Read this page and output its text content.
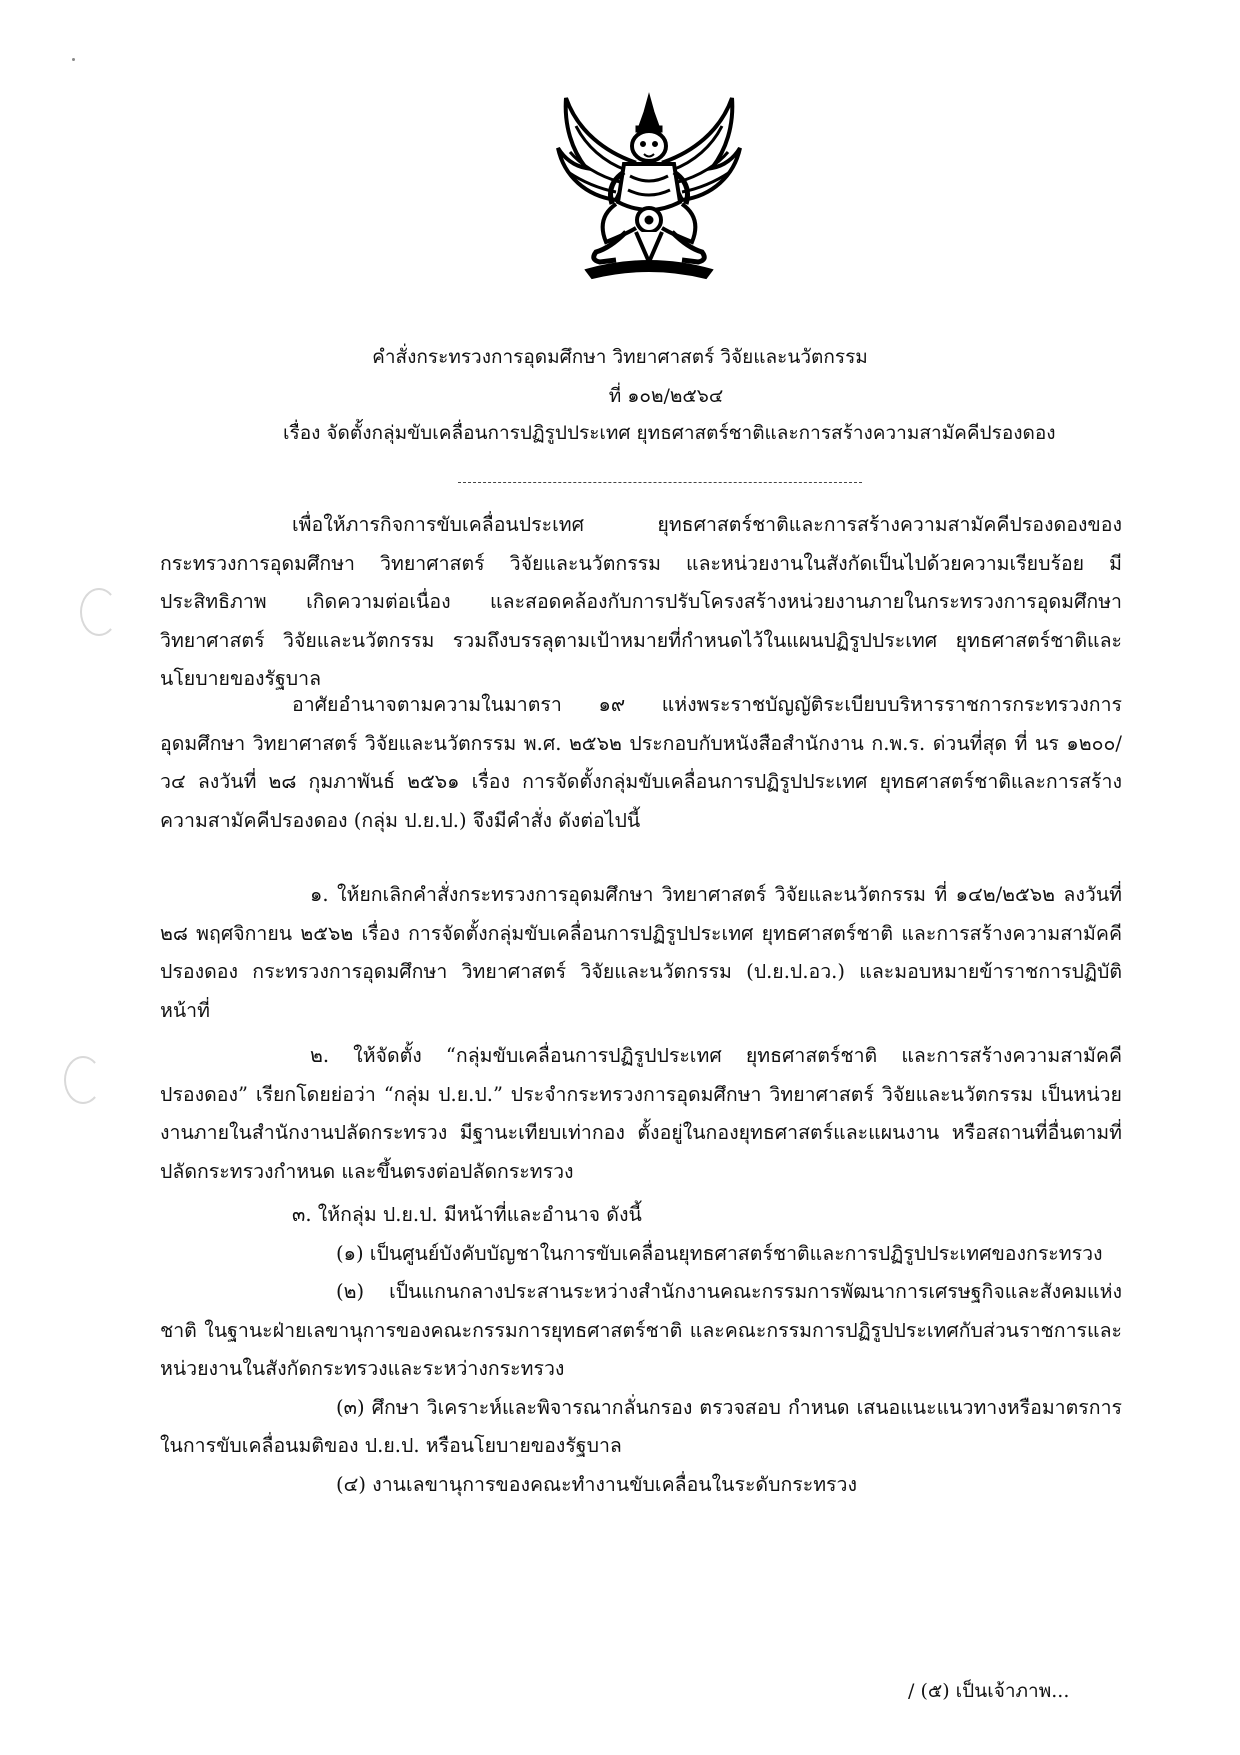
คำสั่งกระทรวงการอุดมศึกษา วิทยาศาสตร์ วิจัยและนวัตกรรม
ที่ ๑๐๒/๒๕๖๔
เรื่อง จัดตั้งกลุ่มขับเคลื่อนการปฏิรูปประเทศ ยุทธศาสตร์ชาติและการสร้างความสามัคคีปรองดอง

เพื่อให้ภารกิจการขับเคลื่อนประเทศ ยุทธศาสตร์ชาติและการสร้างความสามัคคีปรองดองของกระทรวงการอุดมศึกษา วิทยาศาสตร์ วิจัยและนวัตกรรม และหน่วยงานในสังกัดเป็นไปด้วยความเรียบร้อย มีประสิทธิภาพ เกิดความต่อเนื่อง และสอดคล้องกับการปรับโครงสร้างหน่วยงานภายในกระทรวงการอุดมศึกษา วิทยาศาสตร์ วิจัยและนวัตกรรม รวมถึงบรรลุตามเป้าหมายที่กำหนดไว้ในแผนปฏิรูปประเทศ ยุทธศาสตร์ชาติและนโยบายของรัฐบาล

อาศัยอำนาจตามความในมาตรา ๑๙ แห่งพระราชบัญญัติระเบียบบริหารราชการกระทรวงการอุดมศึกษา วิทยาศาสตร์ วิจัยและนวัตกรรม พ.ศ. ๒๕๖๒ ประกอบกับหนังสือสำนักงาน ก.พ.ร. ด่วนที่สุด ที่ นร ๑๒๐๐/ว๔ ลงวันที่ ๒๘ กุมภาพันธ์ ๒๕๖๑ เรื่อง การจัดตั้งกลุ่มขับเคลื่อนการปฏิรูปประเทศ ยุทธศาสตร์ชาติและการสร้างความสามัคคีปรองดอง (กลุ่ม ป.ย.ป.) จึงมีคำสั่ง ดังต่อไปนี้

๑. ให้ยกเลิกคำสั่งกระทรวงการอุดมศึกษา วิทยาศาสตร์ วิจัยและนวัตกรรม ที่ ๑๔๒/๒๕๖๒ ลงวันที่ ๒๘ พฤศจิกายน ๒๕๖๒ เรื่อง การจัดตั้งกลุ่มขับเคลื่อนการปฏิรูปประเทศ ยุทธศาสตร์ชาติ และการสร้างความสามัคคีปรองดอง กระทรวงการอุดมศึกษา วิทยาศาสตร์ วิจัยและนวัตกรรม (ป.ย.ป.อว.) และมอบหมายข้าราชการปฏิบัติหน้าที่

๒. ให้จัดตั้ง “กลุ่มขับเคลื่อนการปฏิรูปประเทศ ยุทธศาสตร์ชาติ และการสร้างความสามัคคีปรองดอง” เรียกโดยย่อว่า “กลุ่ม ป.ย.ป.” ประจำกระทรวงการอุดมศึกษา วิทยาศาสตร์ วิจัยและนวัตกรรม เป็นหน่วยงานภายในสำนักงานปลัดกระทรวง มีฐานะเทียบเท่ากอง ตั้งอยู่ในกองยุทธศาสตร์และแผนงาน หรือสถานที่อื่นตามที่ปลัดกระทรวงกำหนด และขึ้นตรงต่อปลัดกระทรวง

๓. ให้กลุ่ม ป.ย.ป. มีหน้าที่และอำนาจ ดังนี้

(๑) เป็นศูนย์บังคับบัญชาในการขับเคลื่อนยุทธศาสตร์ชาติและการปฏิรูปประเทศของกระทรวง

(๒) เป็นแกนกลางประสานระหว่างสำนักงานคณะกรรมการพัฒนาการเศรษฐกิจและสังคมแห่งชาติ ในฐานะฝ่ายเลขานุการของคณะกรรมการยุทธศาสตร์ชาติ และคณะกรรมการปฏิรูปประเทศกับส่วนราชการและหน่วยงานในสังกัดกระทรวงและระหว่างกระทรวง

(๓) ศึกษา วิเคราะห์และพิจารณากลั่นกรอง ตรวจสอบ กำหนด เสนอแนะแนวทางหรือมาตรการในการขับเคลื่อนมติของ ป.ย.ป. หรือนโยบายของรัฐบาล

(๔) งานเลขานุการของคณะทำงานขับเคลื่อนในระดับกระทรวง

/ (๕) เป็นเจ้าภาพ...
